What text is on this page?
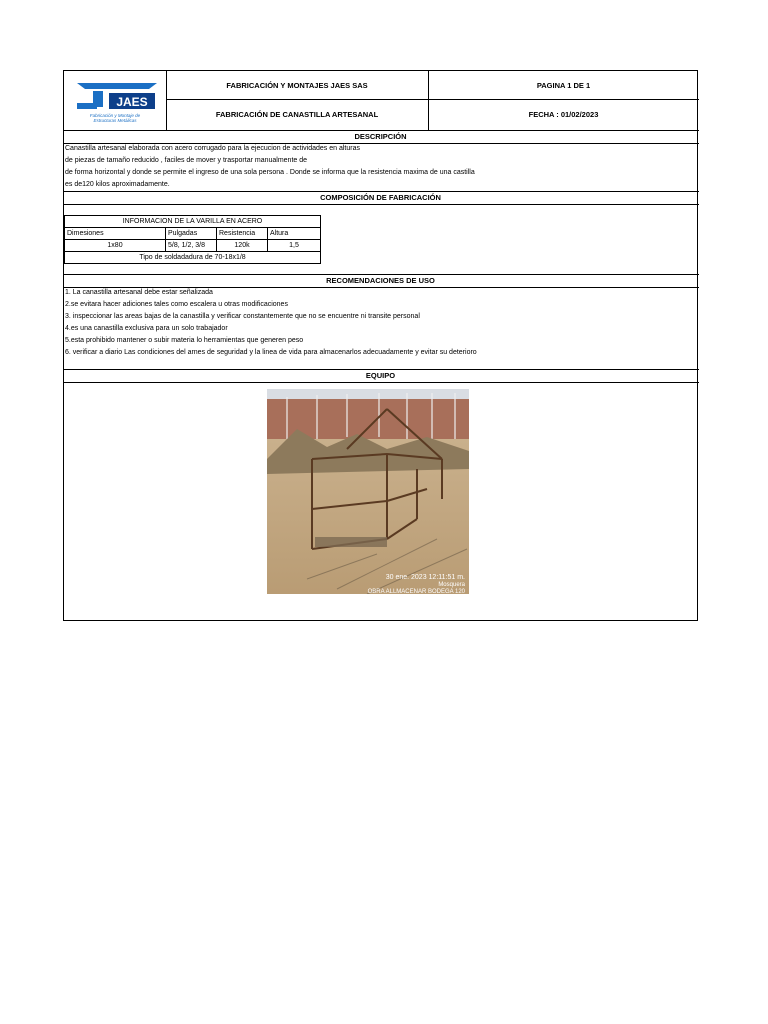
JAES
Fabricación y Montaje de
Estructuras Metálicas
FABRICACIÓN Y MONTAJES JAES SAS	PAGINA 1 DE 1
FABRICACIÓN DE CANASTILLA ARTESANAL	FECHA : 01/02/2023
DESCRIPCIÓN
Canastilla artesanal elaborada con acero corrugado para la ejecucion de actividades en alturas
de piezas de tamaño reducido , faciles de mover y trasportar manualmente de
de forma horizontal y donde se permite el ingreso de una sola persona . Donde se informa que la resistencia maxima de una castilla
es de120 kilos aproximadamente.
COMPOSICIÓN DE FABRICACIÓN
INFORMACION DE LA VARILLA EN ACERO			
Dimesiones	Pulgadas	Resistencia	Altura
1x80	5/8, 1/2, 3/8	120k	1,5
Tipo de soldadadura de 70-18x1/8			
RECOMENDACIONES DE USO
1. La canastilla artesanal debe estar señalizada
2.se evitara hacer adiciones tales como escalera u otras modificaciones
3. inspeccionar las areas bajas de la canastilla y verificar constantemente que no se encuentre ni transite personal
4.es una canastilla exclusiva para un solo trabajador
5.esta prohibido mantener o subir materia lo herramientas que generen peso
6. verificar a diario Las condiciones del arnes de seguridad y la linea de vida para almacenarlos adecuadamente y evitar su deterioro
EQUIPO
30 ene. 2023 12:11:51 m.
Mosquera
OBRA ALLMACENAR BODEGA 120
